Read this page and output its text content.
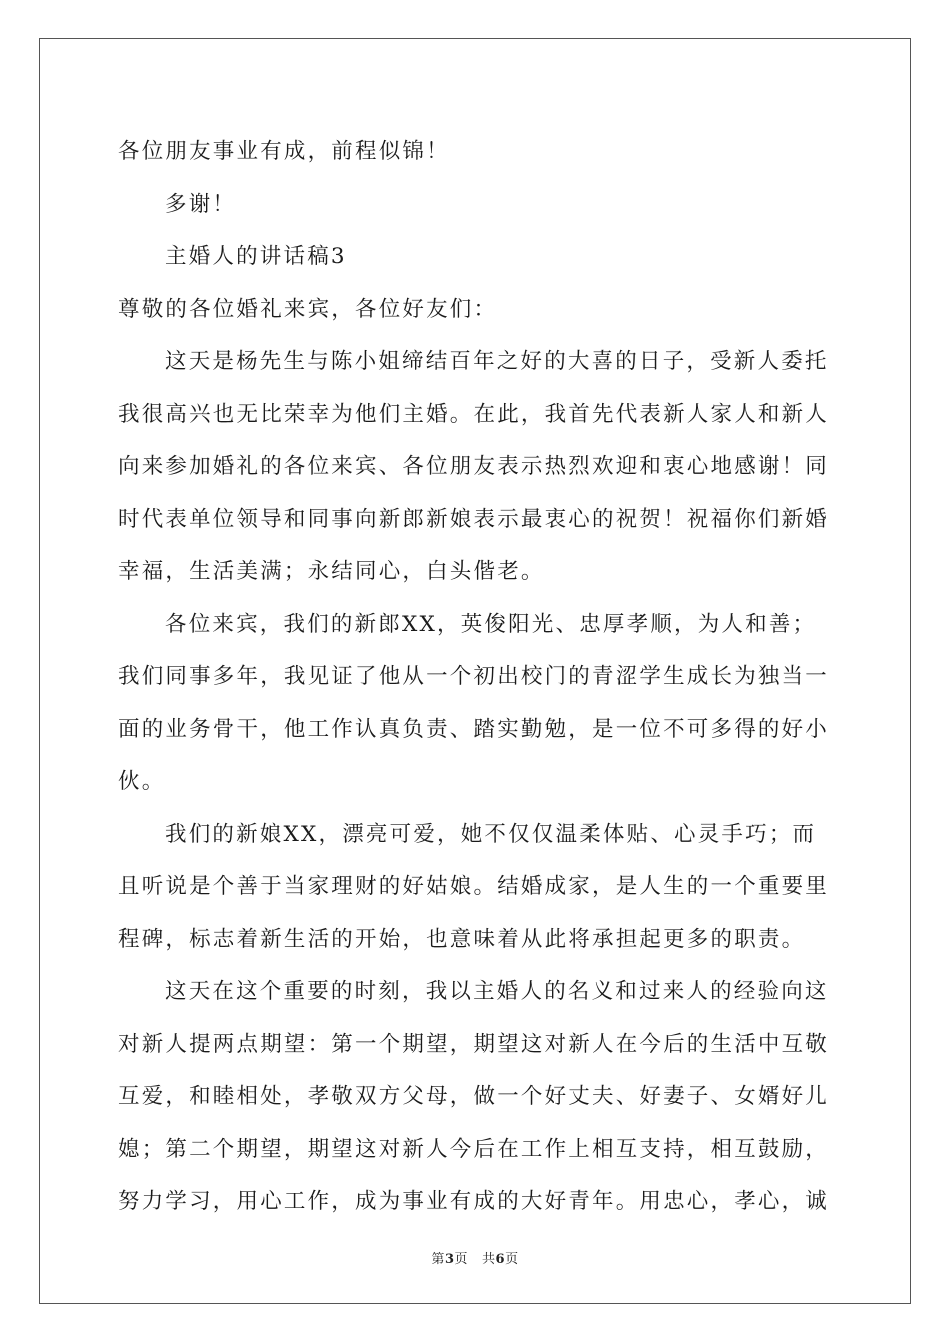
各位朋友事业有成，前程似锦！
多谢！
主婚人的讲话稿3
尊敬的各位婚礼来宾，各位好友们：
这天是杨先生与陈小姐缔结百年之好的大喜的日子，受新人委托
我很高兴也无比荣幸为他们主婚。在此，我首先代表新人家人和新人
向来参加婚礼的各位来宾、各位朋友表示热烈欢迎和衷心地感谢！同
时代表单位领导和同事向新郎新娘表示最衷心的祝贺！祝福你们新婚
幸福，生活美满；永结同心，白头偕老。
各位来宾，我们的新郎XX，英俊阳光、忠厚孝顺，为人和善；
我们同事多年，我见证了他从一个初出校门的青涩学生成长为独当一
面的业务骨干，他工作认真负责、踏实勤勉，是一位不可多得的好小
伙。
我们的新娘XX，漂亮可爱，她不仅仅温柔体贴、心灵手巧；而
且听说是个善于当家理财的好姑娘。结婚成家，是人生的一个重要里
程碑，标志着新生活的开始，也意味着从此将承担起更多的职责。
这天在这个重要的时刻，我以主婚人的名义和过来人的经验向这
对新人提两点期望：第一个期望，期望这对新人在今后的生活中互敬
互爱，和睦相处，孝敬双方父母，做一个好丈夫、好妻子、女婿好儿
媳；第二个期望，期望这对新人今后在工作上相互支持，相互鼓励，
努力学习，用心工作，成为事业有成的大好青年。用忠心，孝心，诚
第3页 共6页
